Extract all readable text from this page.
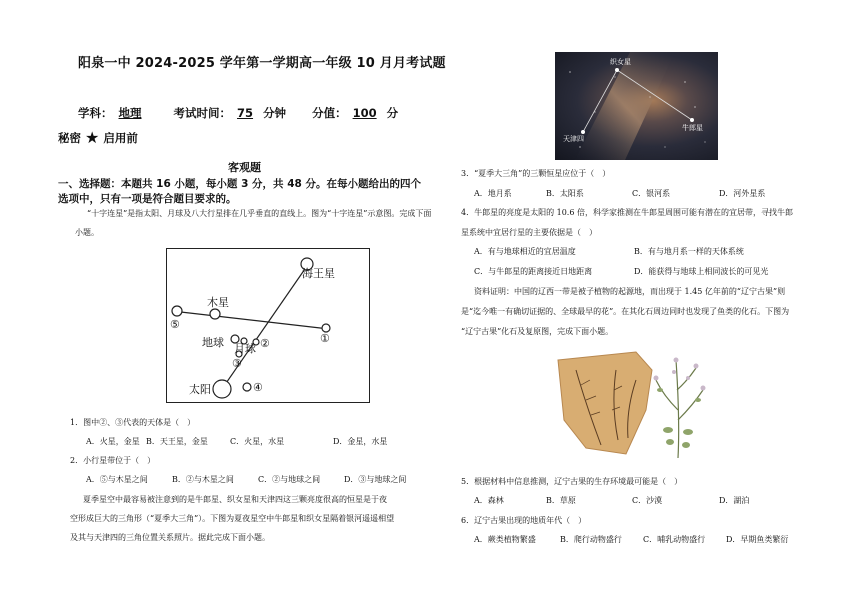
阳泉一中 2024-2025 学年第一学期高一年级 10 月月考试题
学科： 地理	考试时间： 75 分钟 分值： 100 分
秘密 ★ 启用前
客观题
一、选择题：本题共 16 小题，每小题 3 分，共 48 分。在每小题给出的四个选项中，只有一项是符合题目要求的。
“十字连星”是指太阳、月球及八大行星排在几乎垂直的直线上。图为“十字连星”示意图。完成下面小题。
海王星
木星
⑤
①
地球 月球 ②
③
太阳	④
1．图中②、③代表的天体是（　）
A．火星，金星 B．天王星，金星	C．火星，水星	D．金星，水星
2．小行星带位于（　）
A．⑤与木星之间	B．②与木星之间	C．②与地球之间	D．③与地球之间
夏季星空中最容易被注意到的是牛郎星、织女星和天津四这三颗亮度很高的恒星是于夜
空形成巨大的三角形（“夏季大三角”）。下图为夏夜星空中牛郎星和织女星隔着银河遥遥相望
及其与天津四的三角位置关系照片。据此完成下面小题。
织女星
天津四
牛郎星
3．“夏季大三角”的三颗恒星应位于（　）
A．地月系	B．太阳系	C．银河系	D．河外星系
4．牛郎星的亮度是太阳的 10.6 倍，科学家推测在牛郎星周围可能有潜在的宜居带，寻找牛郎
星系统中宜居行星的主要依据是（　）
A．有与地球相近的宜居温度	B．有与地月系一样的天体系统
C．与牛郎星的距离接近日地距离	D．能获得与地球上相同波长的可见光
资料证明：中国的辽西一带是被子植物的起源地，而出现于 1.45 亿年前的“辽宁古果”则
是“迄今唯一有确切证据的、全球最早的花”。在其化石周边同时也发现了鱼类的化石。下图为
“辽宁古果”化石及复原图，完成下面小题。
5．根据材料中信息推测，辽宁古果的生存环境最可能是（　）
A．森林	B．草原	C．沙漠	D．湖泊
6．辽宁古果出现的地质年代（　）
A．蕨类植物繁盛	B．爬行动物盛行	C．哺乳动物盛行	D．早期鱼类繁衍
